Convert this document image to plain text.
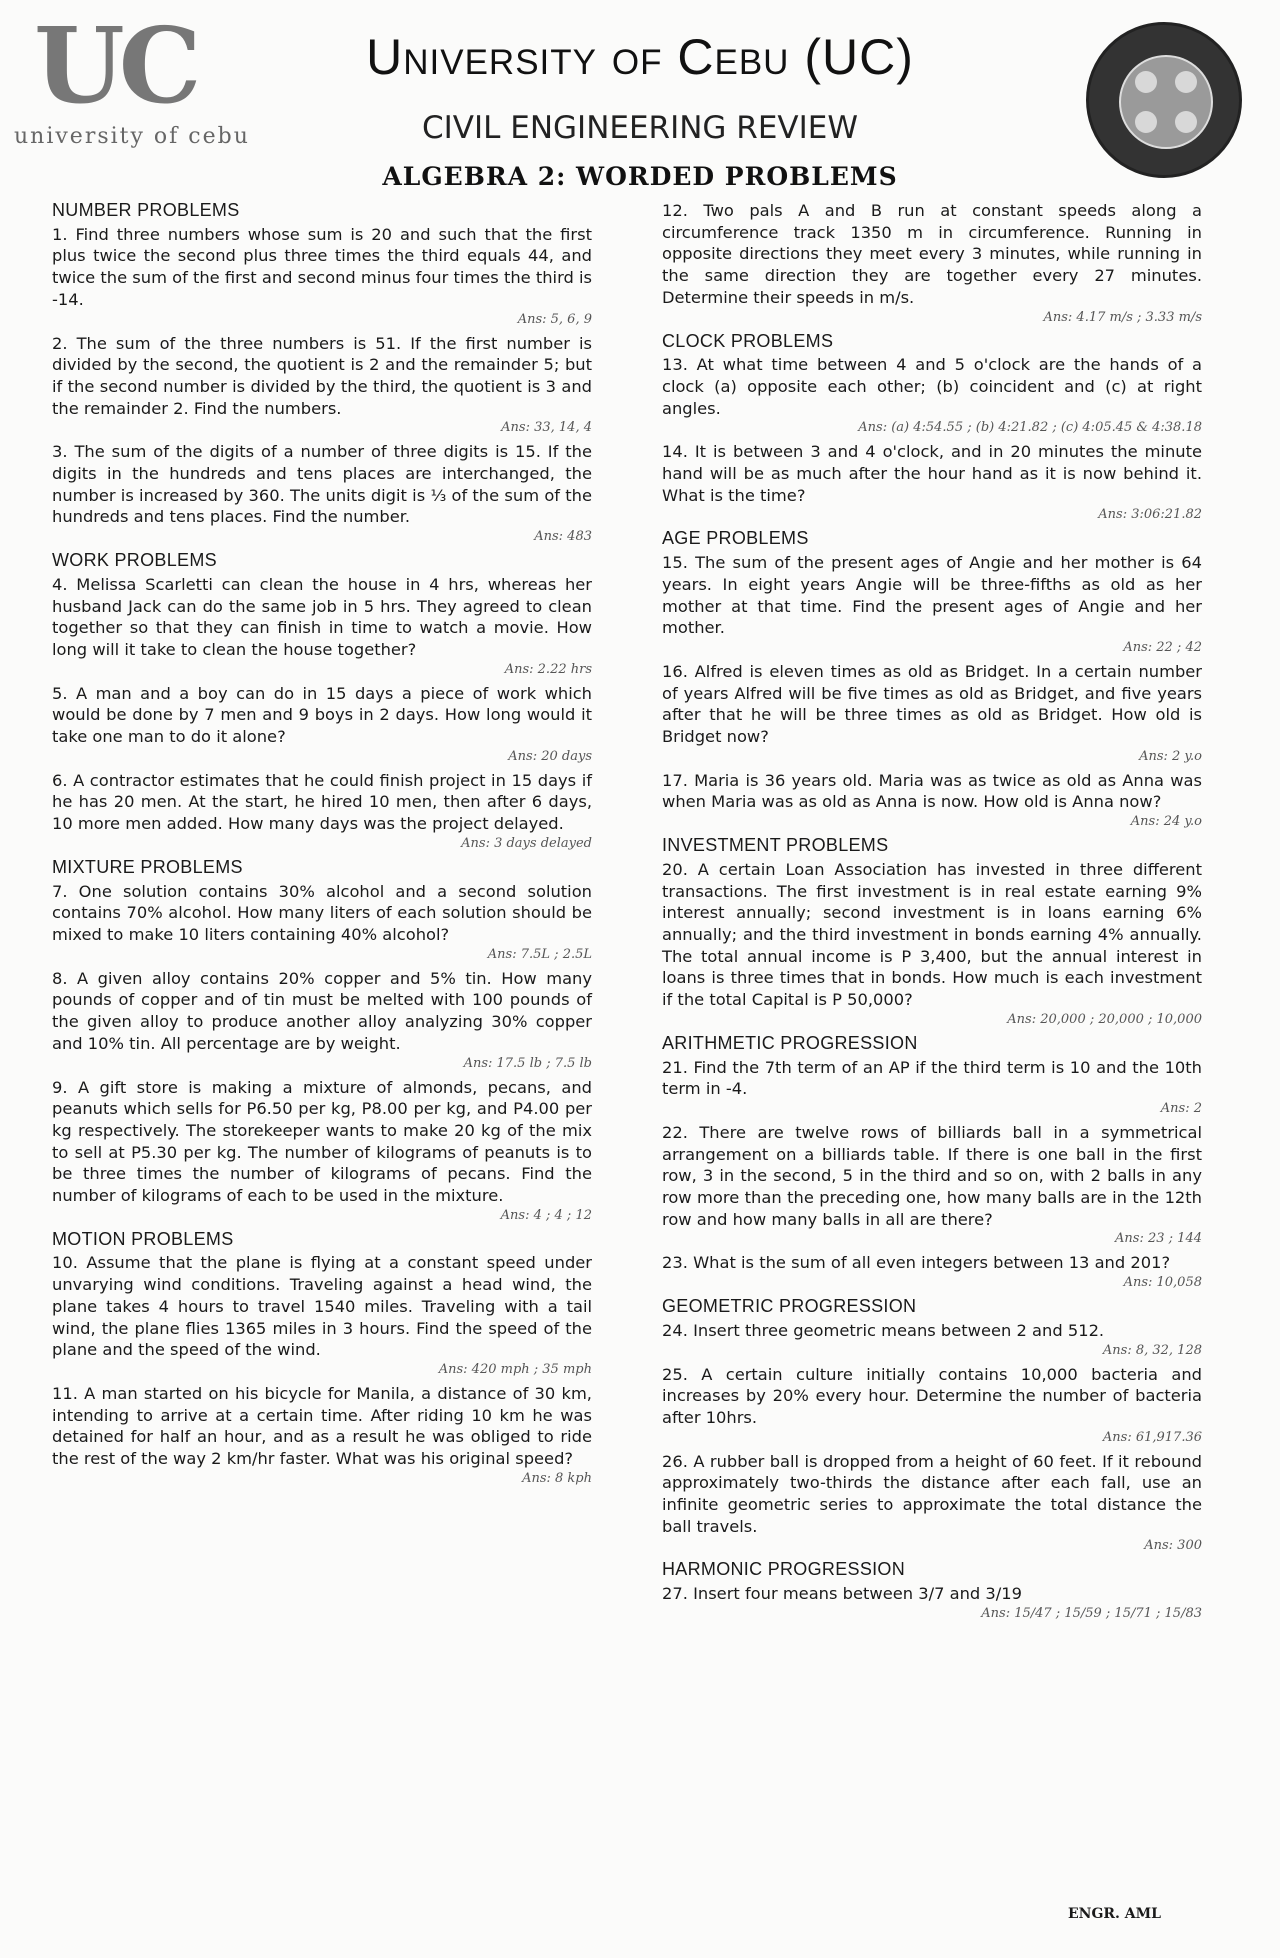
UC
university of cebu
University of Cebu (UC)
CIVIL ENGINEERING REVIEW
ALGEBRA 2: WORDED PROBLEMS
NUMBER PROBLEMS

1. Find three numbers whose sum is 20 and such that the first plus twice the second plus three times the third equals 44, and twice the sum of the first and second minus four times the third is -14.

Ans: 5, 6, 9

2. The sum of the three numbers is 51. If the first number is divided by the second, the quotient is 2 and the remainder 5; but if the second number is divided by the third, the quotient is 3 and the remainder 2. Find the numbers.

Ans: 33, 14, 4

3. The sum of the digits of a number of three digits is 15. If the digits in the hundreds and tens places are interchanged, the number is increased by 360. The units digit is ⅓ of the sum of the hundreds and tens places. Find the number.

Ans: 483

WORK PROBLEMS

4. Melissa Scarletti can clean the house in 4 hrs, whereas her husband Jack can do the same job in 5 hrs. They agreed to clean together so that they can finish in time to watch a movie. How long will it take to clean the house together?

Ans: 2.22 hrs

5. A man and a boy can do in 15 days a piece of work which would be done by 7 men and 9 boys in 2 days. How long would it take one man to do it alone?

Ans: 20 days

6. A contractor estimates that he could finish project in 15 days if he has 20 men. At the start, he hired 10 men, then after 6 days, 10 more men added. How many days was the project delayed.

Ans: 3 days delayed

MIXTURE PROBLEMS

7. One solution contains 30% alcohol and a second solution contains 70% alcohol. How many liters of each solution should be mixed to make 10 liters containing 40% alcohol?

Ans: 7.5L ; 2.5L

8. A given alloy contains 20% copper and 5% tin. How many pounds of copper and of tin must be melted with 100 pounds of the given alloy to produce another alloy analyzing 30% copper and 10% tin. All percentage are by weight.

Ans: 17.5 lb ; 7.5 lb

9. A gift store is making a mixture of almonds, pecans, and peanuts which sells for P6.50 per kg, P8.00 per kg, and P4.00 per kg respectively. The storekeeper wants to make 20 kg of the mix to sell at P5.30 per kg. The number of kilograms of peanuts is to be three times the number of kilograms of pecans. Find the number of kilograms of each to be used in the mixture.

Ans: 4 ; 4 ; 12

MOTION PROBLEMS

10. Assume that the plane is flying at a constant speed under unvarying wind conditions. Traveling against a head wind, the plane takes 4 hours to travel 1540 miles. Traveling with a tail wind, the plane flies 1365 miles in 3 hours. Find the speed of the plane and the speed of the wind.

Ans: 420 mph ; 35 mph

11. A man started on his bicycle for Manila, a distance of 30 km, intending to arrive at a certain time. After riding 10 km he was detained for half an hour, and as a result he was obliged to ride the rest of the way 2 km/hr faster. What was his original speed?

Ans: 8 kph

12. Two pals A and B run at constant speeds along a circumference track 1350 m in circumference. Running in opposite directions they meet every 3 minutes, while running in the same direction they are together every 27 minutes. Determine their speeds in m/s.

Ans: 4.17 m/s ; 3.33 m/s

CLOCK PROBLEMS

13. At what time between 4 and 5 o'clock are the hands of a clock (a) opposite each other; (b) coincident and (c) at right angles.

Ans: (a) 4:54.55 ; (b) 4:21.82 ; (c) 4:05.45 & 4:38.18

14. It is between 3 and 4 o'clock, and in 20 minutes the minute hand will be as much after the hour hand as it is now behind it. What is the time?

Ans: 3:06:21.82

AGE PROBLEMS

15. The sum of the present ages of Angie and her mother is 64 years. In eight years Angie will be three-fifths as old as her mother at that time. Find the present ages of Angie and her mother.

Ans: 22 ; 42

16. Alfred is eleven times as old as Bridget. In a certain number of years Alfred will be five times as old as Bridget, and five years after that he will be three times as old as Bridget. How old is Bridget now?

Ans: 2 y.o

17. Maria is 36 years old. Maria was as twice as old as Anna was when Maria was as old as Anna is now. How old is Anna now?

Ans: 24 y.o

INVESTMENT PROBLEMS

20. A certain Loan Association has invested in three different transactions. The first investment is in real estate earning 9% interest annually; second investment is in loans earning 6% annually; and the third investment in bonds earning 4% annually. The total annual income is P 3,400, but the annual interest in loans is three times that in bonds. How much is each investment if the total Capital is P 50,000?

Ans: 20,000 ; 20,000 ; 10,000

ARITHMETIC PROGRESSION

21. Find the 7th term of an AP if the third term is 10 and the 10th term in -4.

Ans: 2

22. There are twelve rows of billiards ball in a symmetrical arrangement on a billiards table. If there is one ball in the first row, 3 in the second, 5 in the third and so on, with 2 balls in any row more than the preceding one, how many balls are in the 12th row and how many balls in all are there?

Ans: 23 ; 144

23. What is the sum of all even integers between 13 and 201?

Ans: 10,058

GEOMETRIC PROGRESSION

24. Insert three geometric means between 2 and 512.

Ans: 8, 32, 128

25. A certain culture initially contains 10,000 bacteria and increases by 20% every hour. Determine the number of bacteria after 10hrs.

Ans: 61,917.36

26. A rubber ball is dropped from a height of 60 feet. If it rebound approximately two-thirds the distance after each fall, use an infinite geometric series to approximate the total distance the ball travels.

Ans: 300

HARMONIC PROGRESSION

27. Insert four means between 3/7 and 3/19

Ans: 15/47 ; 15/59 ; 15/71 ; 15/83

ENGR. AML
